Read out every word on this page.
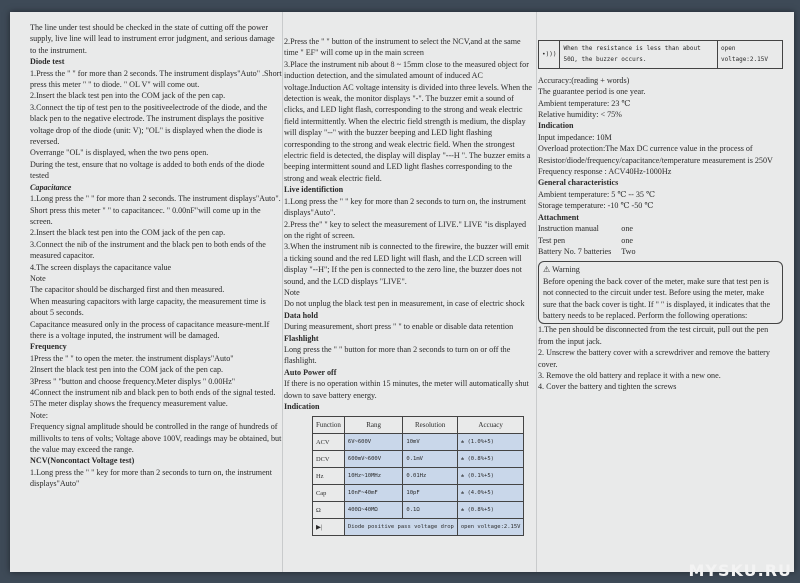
The line under test should be checked in the state of cutting off the power supply, live line will lead to instrument error judgment, and serious damage to the instrument.

Diode test

1.Press the " " for more than 2 seconds. The instrument displays"Auto" .Short press this meter " " to diode. " OL V" will come out.

2.Insert the black test pen into the COM jack of the pen cap.

3.Connect the tip of test pen to the positiveelectrode of the diode, and the black pen to the negative electrode. The instrument displays the positive voltage drop of the diode (unit: V); "OL" is displayed when the diode is reversed.

Overrange "OL" is displayed, when the two pens open.

During the test, ensure that no voltage is added to both ends of the diode tested

Capacitance

1.Long press the " " for more than 2 seconds. The instrument displays"Auto". Short press this meter " " to capacitancec. " 0.00nF"will come up in the screen.

2.Insert the black test pen into the COM jack of the pen cap.

3.Connect the nib of the instrument and the black pen to both ends of the measured capacitor.

4.The screen displays the capacitance value

Note

The capacitor should be discharged first and then measured.

When measuring capacitors with large capacity, the measurement time is about 5 seconds.

Capacitance measured only in the process of capacitance measure-ment.If there is a voltage inputed, the instrument will be damaged.

Frequency

1Press the " " to open the meter. the instrument displays"Auto"

2Insert the black test pen into the COM jack of the pen cap.

3Press " "button and choose frequency.Meter displys " 0.00Hz"

4Connect the instrument nib and black pen to both ends of the signal tested.

5The meter display shows the frequency measurement value.

Note:

Frequency signal amplitude should be controlled in the range of hundreds of millivolts to tens of volts; Voltage above 100V, readings may be obtained, but the value may exceed the range.

NCV(Noncontact Voltage test)

1.Long press the " " key for more than 2 seconds to turn on, the instrument displays"Auto"

2.Press the " " button of the instrument to select the NCV,and at the same time " EF" will come up in the main screen

3.Place the instrument nib about 8 ~ 15mm close to the measured object for induction detection, and the simulated amount of induced AC voltage.Induction AC voltage intensity is divided into three levels. When the detection is weak, the monitor displays "-". The buzzer emit a sound of clicks, and LED light flash, corresponding to the strong and weak electric field intermittently. When the electric field strength is medium, the display will display "--" with the buzzer beeping and LED light flashing corresponding to the strong and weak electric field. When the strongest electric field is detected, the display will display "---H ". The buzzer emits a beeping intermittent sound and LED light flashes corresponding to the strong and weak electric field.

Live identifiction

1.Long press the " " key for more than 2 seconds to turn on, the instrument displays"Auto".

2.Press the" " key to select the measurement of LIVE." LIVE "is displayed on the right of screen.

3.When the instrument nib is connected to the firewire, the buzzer will emit a ticking sound and the red LED light will flash, and the LCD screen will display "--H"; If the pen is connected to the zero line, the buzzer does not sound, and the LCD displays "LIVE".

Note

Do not unplug the black test pen in measurement, in case of electric shock

Data hold

During measurement, short press " " to enable or disable data retention

Flashlight

Long press the " " button for more than 2 seconds to turn on or off the flashlight.

Auto Power off

If there is no operation within 15 minutes, the meter will automatically shut down to save battery energy.

Indication

Function	Rang	Resolution	Accuacy
ACV	6V~600V	10mV	± (1.0%+5)
DCV	600mV~600V	0.1mV	± (0.8%+5)
Hz	10Hz~10MHz	0.01Hz	± (0.1%+5)
Cap	10nF~40mF	10pF	± (4.0%+5)
Ω	400Ω~40MΩ	0.1Ω	± (0.8%+5)
▶|	Diode positive pass voltage drop		open voltage:2.15V
•)))	When the resistance is less than about 50Ω, the buzzer occurs.	open voltage:2.15V

Accuracy:(reading + words)

The guarantee period is one year.

Ambient temperature: 23 ℃

Relative humidity: < 75%

Indication

Input impedance: 10M

Overload protection:The Max DC currence value in the process of Resistor/diode/frequency/capacitance/temperature measurement is 250V

Frequency response : ACV40Hz-1000Hz

General characteristics

Ambient temperature: 5 ℃ -- 35 ℃

Storage temperature: -10 ℃ -50 ℃

Attachment

Instruction manual	one
Test pen	one
Battery No. 7 batteries	Two

⚠ Warning

Before opening the back cover of the meter, make sure that test pen is not connected to the circuit under test. Before using the meter, make sure that the back cover is tight. If " " is displayed, it indicates that the battery needs to be replaced. Perform the following operations:

1.The pen should be disconnected from the test circuit, pull out the pen from the input jack.

2. Unscrew the battery cover with a screwdriver and remove the battery cover.

3. Remove the old battery and replace it with a new one.

4. Cover the battery and tighten the screws

MYSKU.RU
